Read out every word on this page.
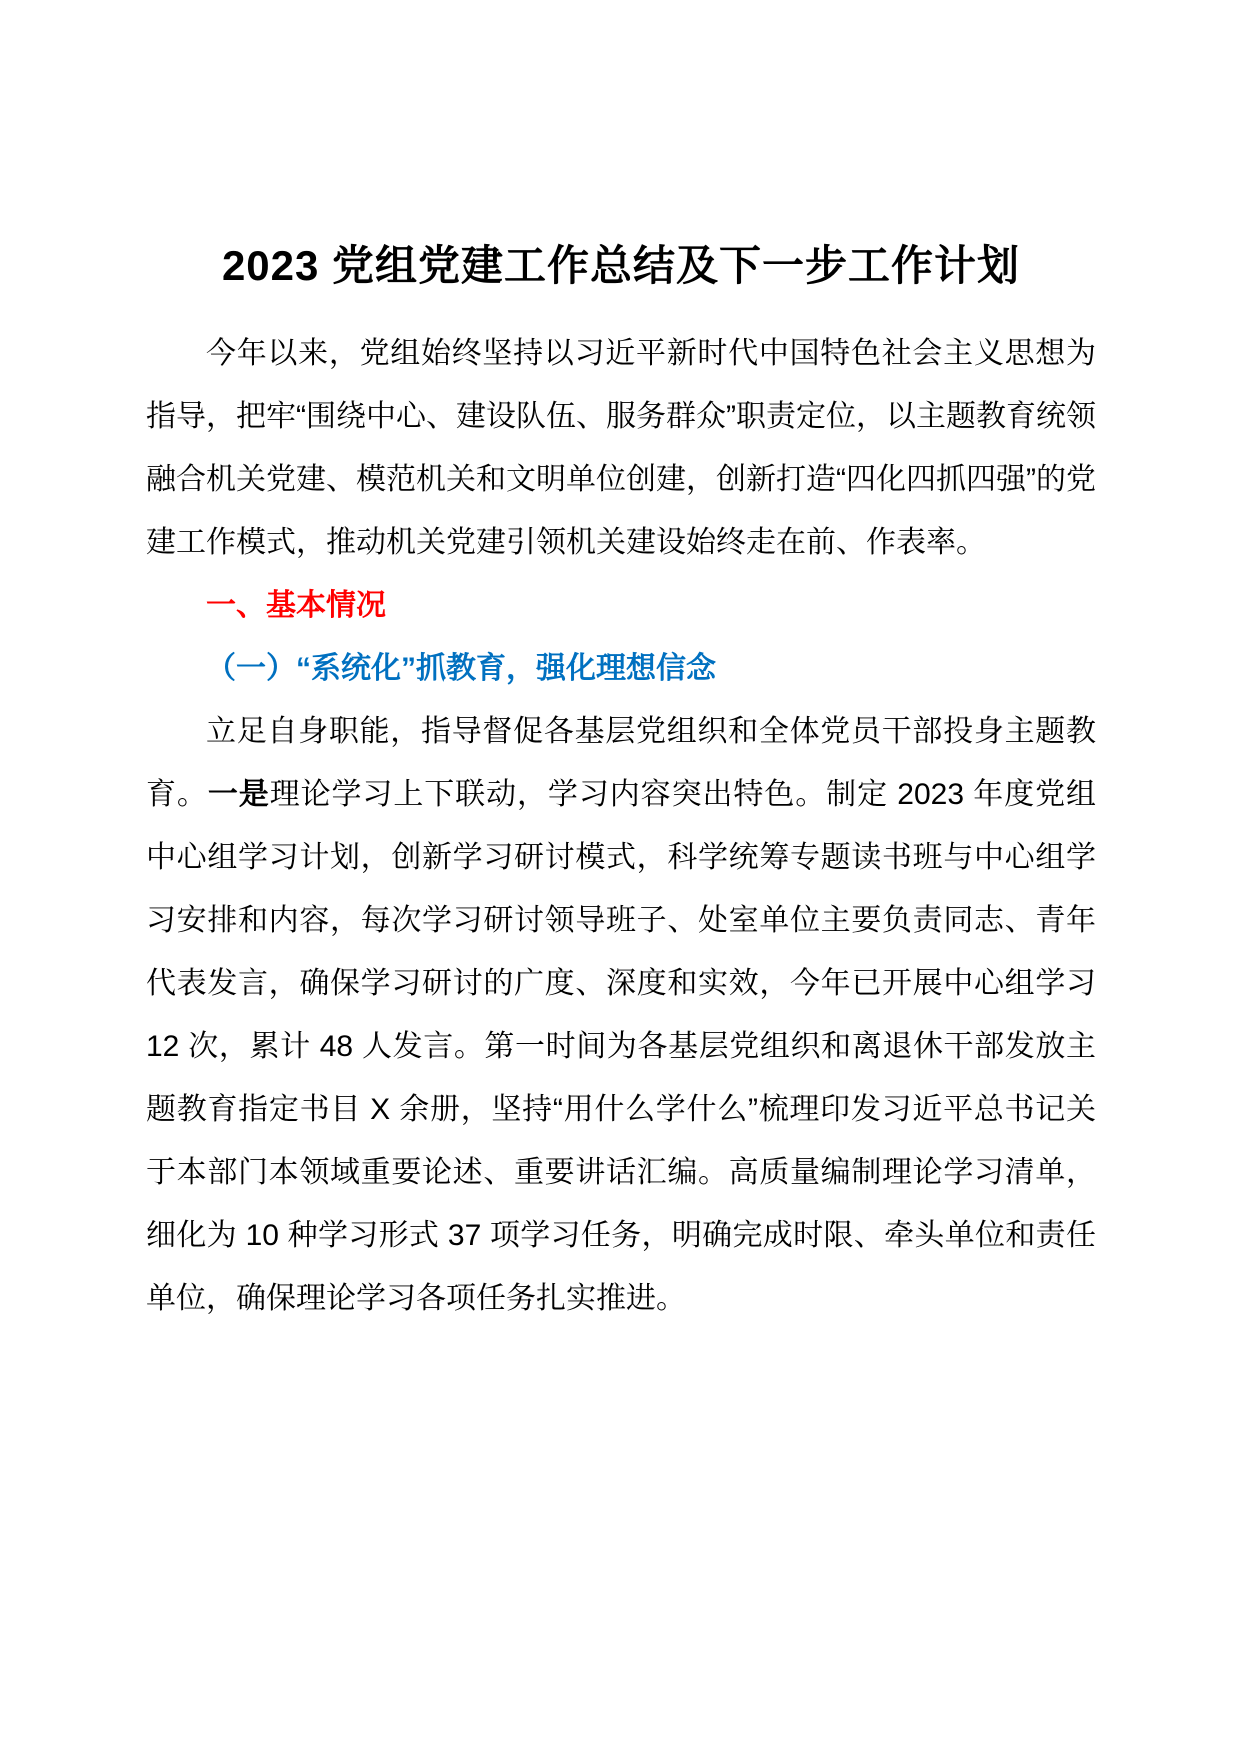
2023 党组党建工作总结及下一步工作计划

今年以来，党组始终坚持以习近平新时代中国特色社会主义思想为指导，把牢“围绕中心、建设队伍、服务群众”职责定位，以主题教育统领融合机关党建、模范机关和文明单位创建，创新打造“四化四抓四强”的党建工作模式，推动机关党建引领机关建设始终走在前、作表率。

一、基本情况
（一）“系统化”抓教育，强化理想信念

立足自身职能，指导督促各基层党组织和全体党员干部投身主题教育。一是理论学习上下联动，学习内容突出特色。制定 2023 年度党组中心组学习计划，创新学习研讨模式，科学统筹专题读书班与中心组学习安排和内容，每次学习研讨领导班子、处室单位主要负责同志、青年代表发言，确保学习研讨的广度、深度和实效，今年已开展中心组学习 12 次，累计 48 人发言。第一时间为各基层党组织和离退休干部发放主题教育指定书目 X 余册，坚持“用什么学什么”梳理印发习近平总书记关于本部门本领域重要论述、重要讲话汇编。高质量编制理论学习清单，细化为 10 种学习形式 37 项学习任务，明确完成时限、牵头单位和责任单位，确保理论学习各项任务扎实推进。
